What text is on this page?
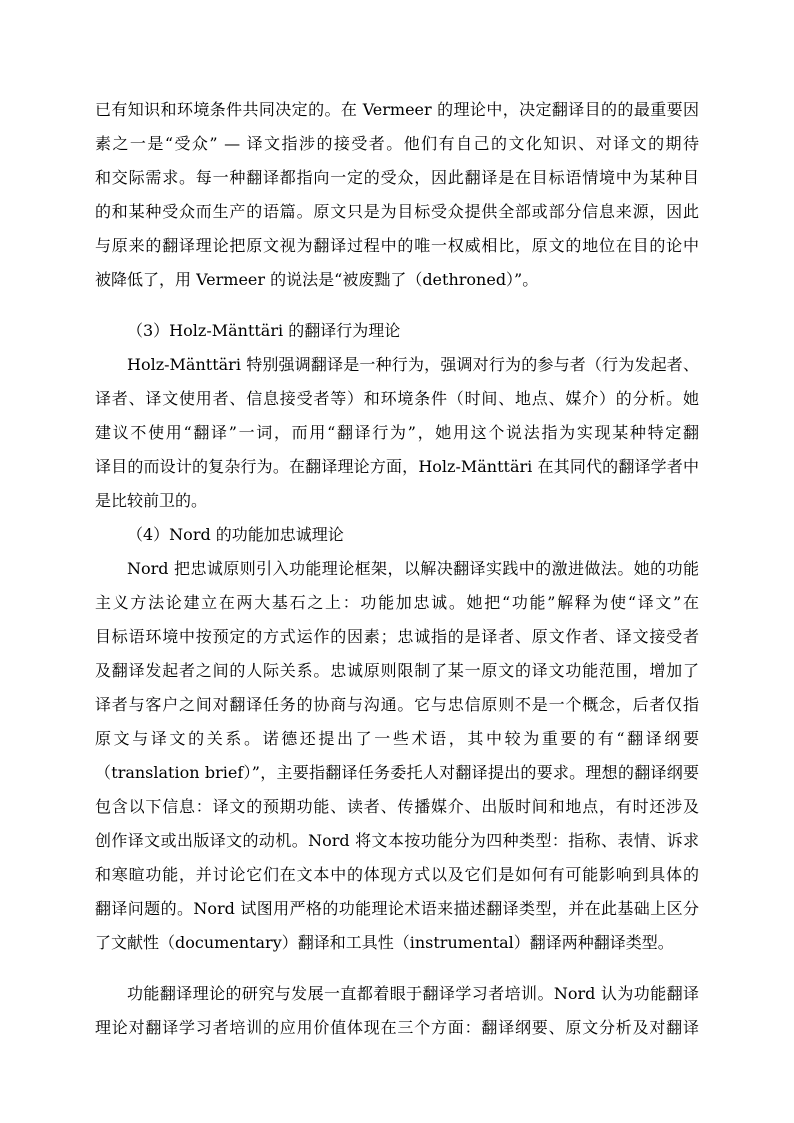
已有知识和环境条件共同决定的。在 Vermeer 的理论中，决定翻译目的的最重要因
素之一是“受众” — 译文指涉的接受者。他们有自己的文化知识、对译文的期待
和交际需求。每一种翻译都指向一定的受众，因此翻译是在目标语情境中为某种目
的和某种受众而生产的语篇。原文只是为目标受众提供全部或部分信息来源，因此
与原来的翻译理论把原文视为翻译过程中的唯一权威相比，原文的地位在目的论中
被降低了，用 Vermeer 的说法是“被废黜了（dethroned）”。
（3）Holz-Mänttäri 的翻译行为理论
Holz-Mänttäri 特别强调翻译是一种行为，强调对行为的参与者（行为发起者、
译者、译文使用者、信息接受者等）和环境条件（时间、地点、媒介）的分析。她
建议不使用“翻译”一词，而用“翻译行为”，她用这个说法指为实现某种特定翻
译目的而设计的复杂行为。在翻译理论方面，Holz-Mänttäri 在其同代的翻译学者中
是比较前卫的。
（4）Nord 的功能加忠诚理论
Nord 把忠诚原则引入功能理论框架，以解决翻译实践中的激进做法。她的功能
主义方法论建立在两大基石之上：功能加忠诚。她把“功能”解释为使“译文”在
目标语环境中按预定的方式运作的因素；忠诚指的是译者、原文作者、译文接受者
及翻译发起者之间的人际关系。忠诚原则限制了某一原文的译文功能范围，增加了
译者与客户之间对翻译任务的协商与沟通。它与忠信原则不是一个概念，后者仅指
原文与译文的关系。诺德还提出了一些术语，其中较为重要的有“翻译纲要
（translation brief）”，主要指翻译任务委托人对翻译提出的要求。理想的翻译纲要
包含以下信息：译文的预期功能、读者、传播媒介、出版时间和地点，有时还涉及
创作译文或出版译文的动机。Nord 将文本按功能分为四种类型：指称、表情、诉求
和寒暄功能，并讨论它们在文本中的体现方式以及它们是如何有可能影响到具体的
翻译问题的。Nord 试图用严格的功能理论术语来描述翻译类型，并在此基础上区分
了文献性（documentary）翻译和工具性（instrumental）翻译两种翻译类型。
功能翻译理论的研究与发展一直都着眼于翻译学习者培训。Nord 认为功能翻译
理论对翻译学习者培训的应用价值体现在三个方面：翻译纲要、原文分析及对翻译
